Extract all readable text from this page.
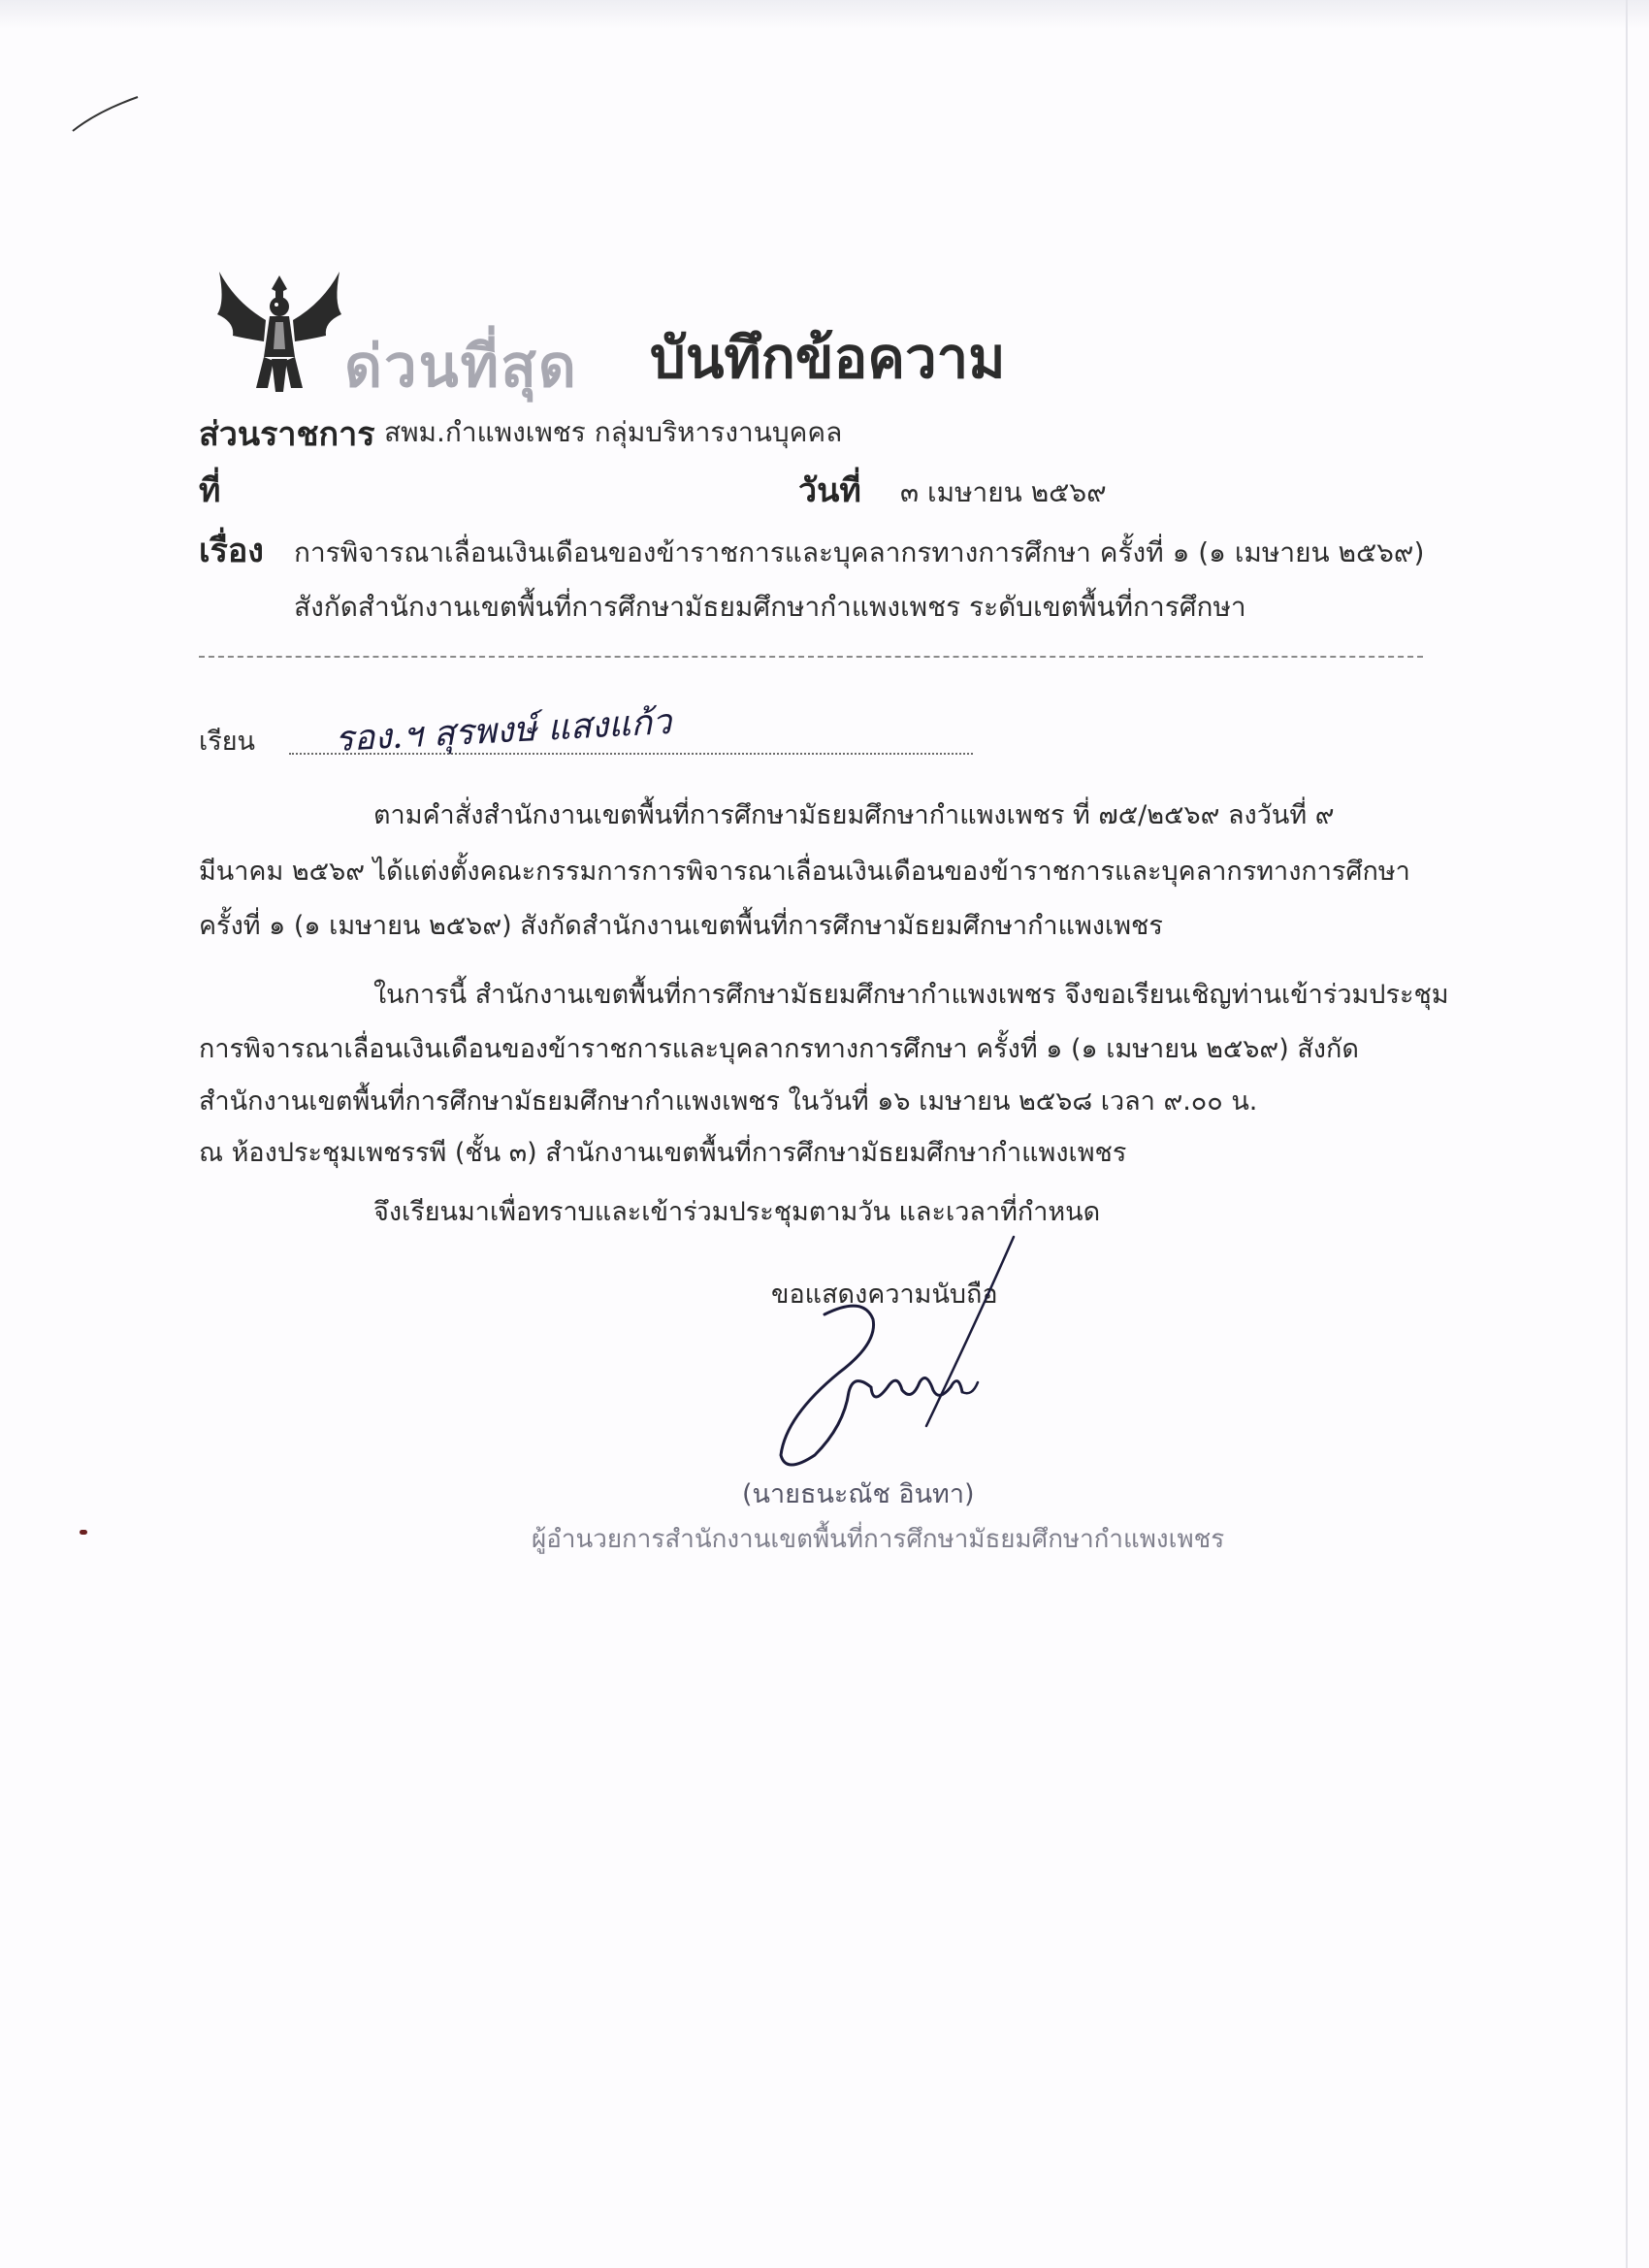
ด่วนที่สุด บันทึกข้อความ
ส่วนราชการ สพม.กำแพงเพชร กลุ่มบริหารงานบุคคล
ที่	วันที่ ๓ เมษายน ๒๕๖๙
เรื่อง การพิจารณาเลื่อนเงินเดือนของข้าราชการและบุคลากรทางการศึกษา ครั้งที่ ๑ (๑ เมษายน ๒๕๖๙)
สังกัดสำนักงานเขตพื้นที่การศึกษามัธยมศึกษากำแพงเพชร ระดับเขตพื้นที่การศึกษา
เรียน รอง.ฯ สุรพงษ์ แสงแก้ว
ตามคำสั่งสำนักงานเขตพื้นที่การศึกษามัธยมศึกษากำแพงเพชร ที่ ๗๕/๒๕๖๙ ลงวันที่ ๙
มีนาคม ๒๕๖๙ ได้แต่งตั้งคณะกรรมการการพิจารณาเลื่อนเงินเดือนของข้าราชการและบุคลากรทางการศึกษา
ครั้งที่ ๑ (๑ เมษายน ๒๕๖๙) สังกัดสำนักงานเขตพื้นที่การศึกษามัธยมศึกษากำแพงเพชร
ในการนี้ สำนักงานเขตพื้นที่การศึกษามัธยมศึกษากำแพงเพชร จึงขอเรียนเชิญท่านเข้าร่วมประชุม
การพิจารณาเลื่อนเงินเดือนของข้าราชการและบุคลากรทางการศึกษา ครั้งที่ ๑ (๑ เมษายน ๒๕๖๙) สังกัด
สำนักงานเขตพื้นที่การศึกษามัธยมศึกษากำแพงเพชร ในวันที่ ๑๖ เมษายน ๒๕๖๘ เวลา ๙.๐๐ น.
ณ ห้องประชุมเพชรรพี (ชั้น ๓) สำนักงานเขตพื้นที่การศึกษามัธยมศึกษากำแพงเพชร
จึงเรียนมาเพื่อทราบและเข้าร่วมประชุมตามวัน และเวลาที่กำหนด
ขอแสดงความนับถือ
(นายธนะณัช อินทา)
ผู้อำนวยการสำนักงานเขตพื้นที่การศึกษามัธยมศึกษากำแพงเพชร
